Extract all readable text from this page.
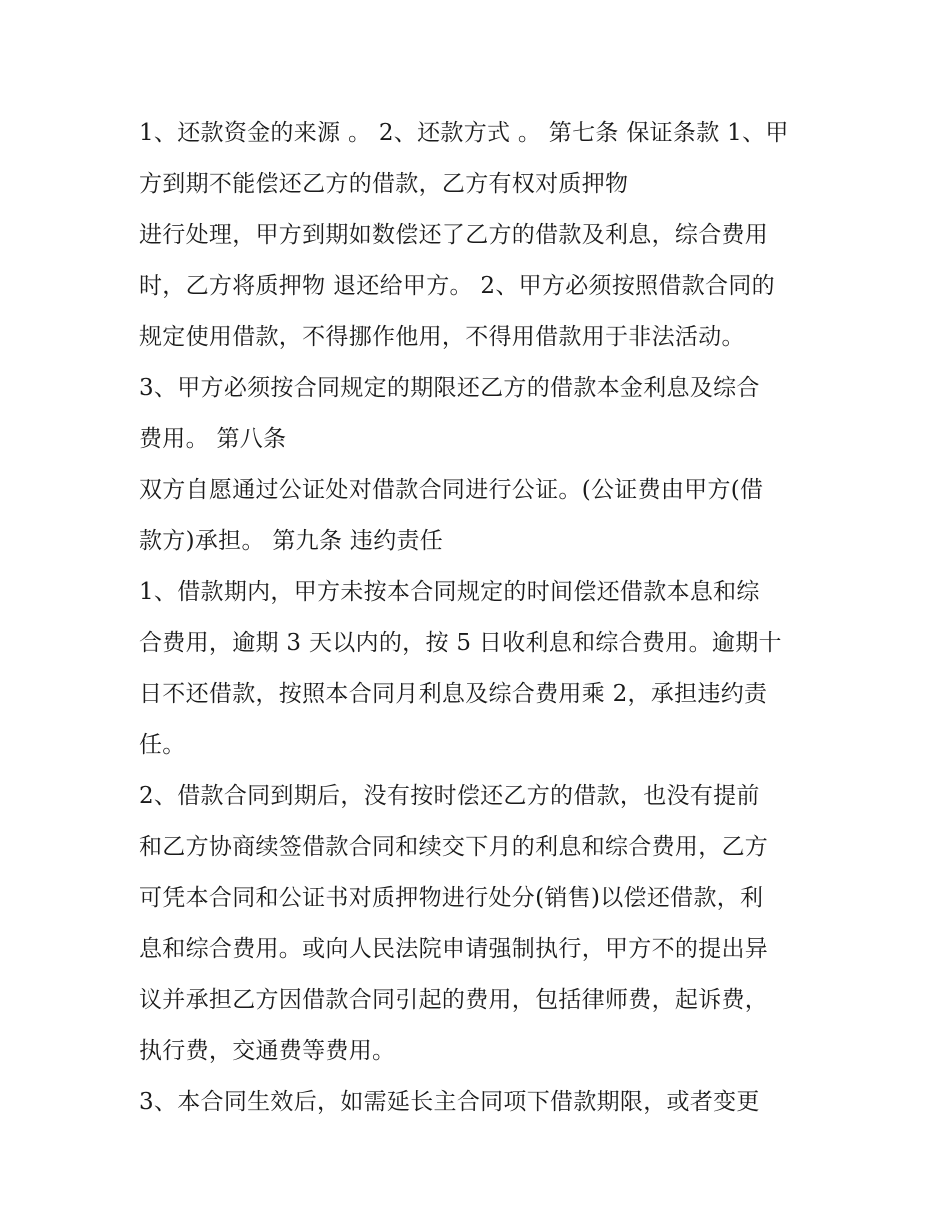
1、还款资金的来源 。 2、还款方式 。 第七条 保证条款 1、甲
方到期不能偿还乙方的借款，乙方有权对质押物
进行处理，甲方到期如数偿还了乙方的借款及利息，综合费用
时，乙方将质押物 退还给甲方。 2、甲方必须按照借款合同的
规定使用借款，不得挪作他用，不得用借款用于非法活动。
3、甲方必须按合同规定的期限还乙方的借款本金利息及综合
费用。 第八条
双方自愿通过公证处对借款合同进行公证。(公证费由甲方(借
款方)承担。 第九条 违约责任
1、借款期内，甲方未按本合同规定的时间偿还借款本息和综
合费用，逾期 3 天以内的，按 5 日收利息和综合费用。逾期十
日不还借款，按照本合同月利息及综合费用乘 2，承担违约责
任。
2、借款合同到期后，没有按时偿还乙方的借款，也没有提前
和乙方协商续签借款合同和续交下月的利息和综合费用，乙方
可凭本合同和公证书对质押物进行处分(销售)以偿还借款，利
息和综合费用。或向人民法院申请强制执行，甲方不的提出异
议并承担乙方因借款合同引起的费用，包括律师费，起诉费，
执行费，交通费等费用。
3、本合同生效后，如需延长主合同项下借款期限，或者变更
